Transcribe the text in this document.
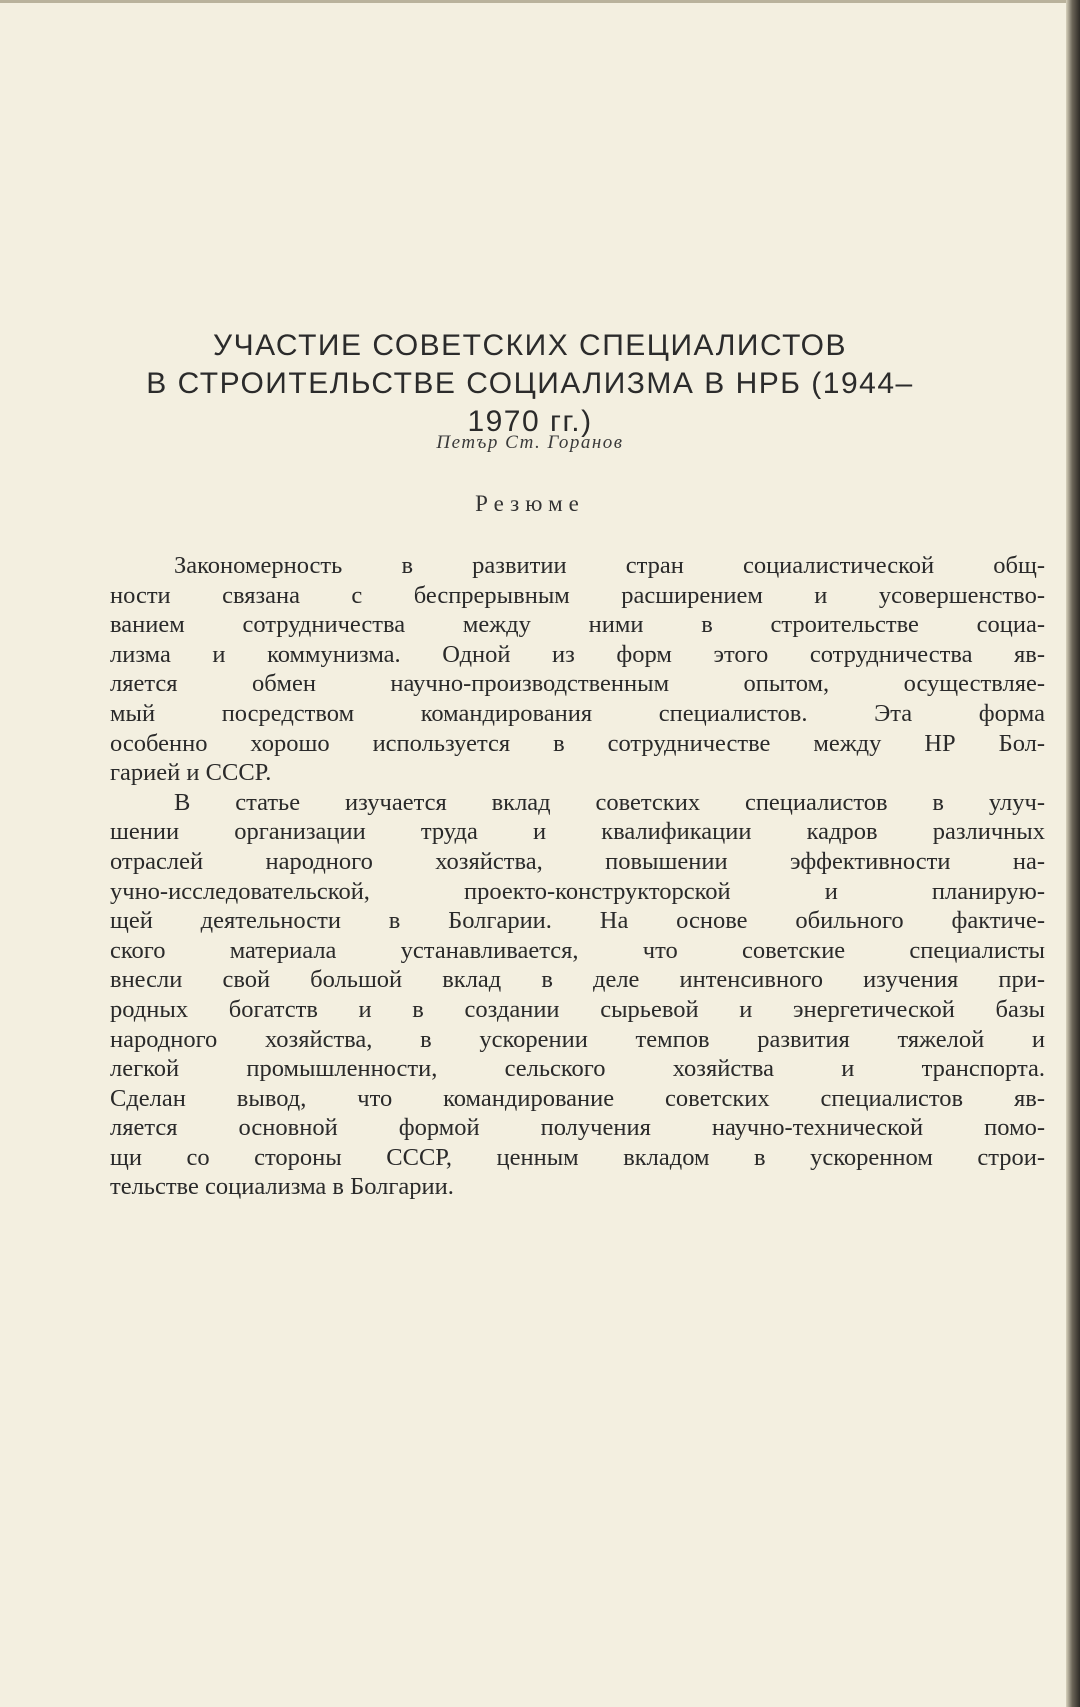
УЧАСТИЕ СОВЕТСКИХ СПЕЦИАЛИСТОВ
В СТРОИТЕЛЬСТВЕ СОЦИАЛИЗМА В НРБ (1944–1970 гг.)
Петър Ст. Горанов
Резюме
Закономерность в развитии стран социалистической общ-
ности связана с беспрерывным расширением и усовершенство-
ванием сотрудничества между ними в строительстве социа-
лизма и коммунизма. Одной из форм этого сотрудничества яв-
ляется обмен научно-производственным опытом, осуществляе-
мый посредством командирования специалистов. Эта форма
особенно хорошо используется в сотрудничестве между НР Бол-
гарией и СССР.
В статье изучается вклад советских специалистов в улуч-
шении организации труда и квалификации кадров различных
отраслей народного хозяйства, повышении эффективности на-
учно-исследовательской, проекто-конструкторской и планирую-
щей деятельности в Болгарии. На основе обильного фактиче-
ского материала устанавливается, что советские специалисты
внесли свой большой вклад в деле интенсивного изучения при-
родных богатств и в создании сырьевой и энергетической базы
народного хозяйства, в ускорении темпов развития тяжелой и
легкой промышленности, сельского хозяйства и транспорта.
Сделан вывод, что командирование советских специалистов яв-
ляется основной формой получения научно-технической помо-
щи со стороны СССР, ценным вкладом в ускоренном строи-
тельстве социализма в Болгарии.
